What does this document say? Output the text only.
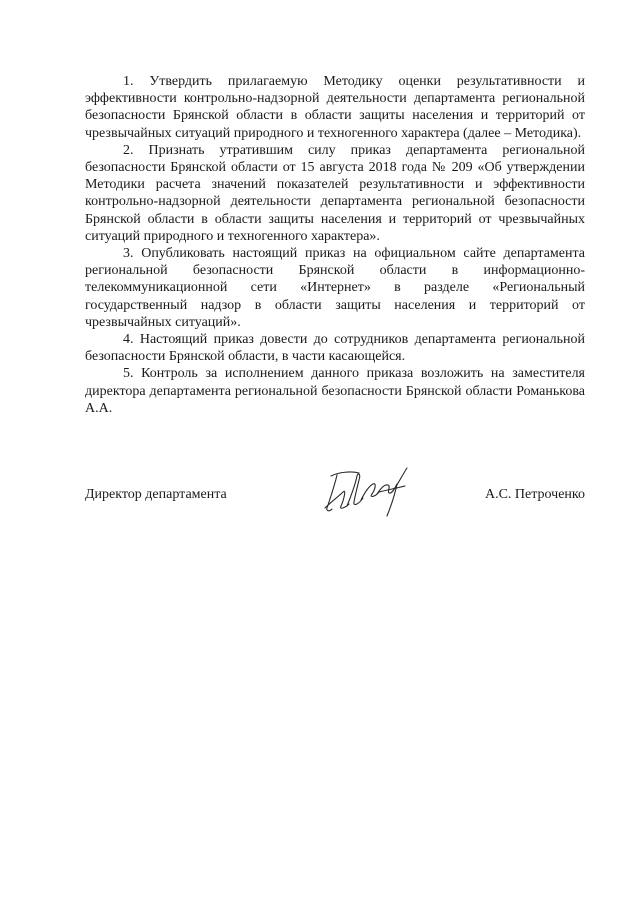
1. Утвердить прилагаемую Методику оценки результативности и эффективности контрольно-надзорной деятельности департамента региональной безопасности Брянской области в области защиты населения и территорий от чрезвычайных ситуаций природного и техногенного характера (далее – Методика).

2. Признать утратившим силу приказ департамента региональной безопасности Брянской области от 15 августа 2018 года № 209 «Об утверждении Методики расчета значений показателей результативности и эффективности контрольно-надзорной деятельности департамента региональной безопасности Брянской области в области защиты населения и территорий от чрезвычайных ситуаций природного и техногенного характера».

3. Опубликовать настоящий приказ на официальном сайте департамента региональной безопасности Брянской области в информационно-телекоммуникационной сети «Интернет» в разделе «Региональный государственный надзор в области защиты населения и территорий от чрезвычайных ситуаций».

4. Настоящий приказ довести до сотрудников департамента региональной безопасности Брянской области, в части касающейся.

5. Контроль за исполнением данного приказа возложить на заместителя директора департамента региональной безопасности Брянской области Романькова А.А.

Директор департамента	А.С. Петроченко
